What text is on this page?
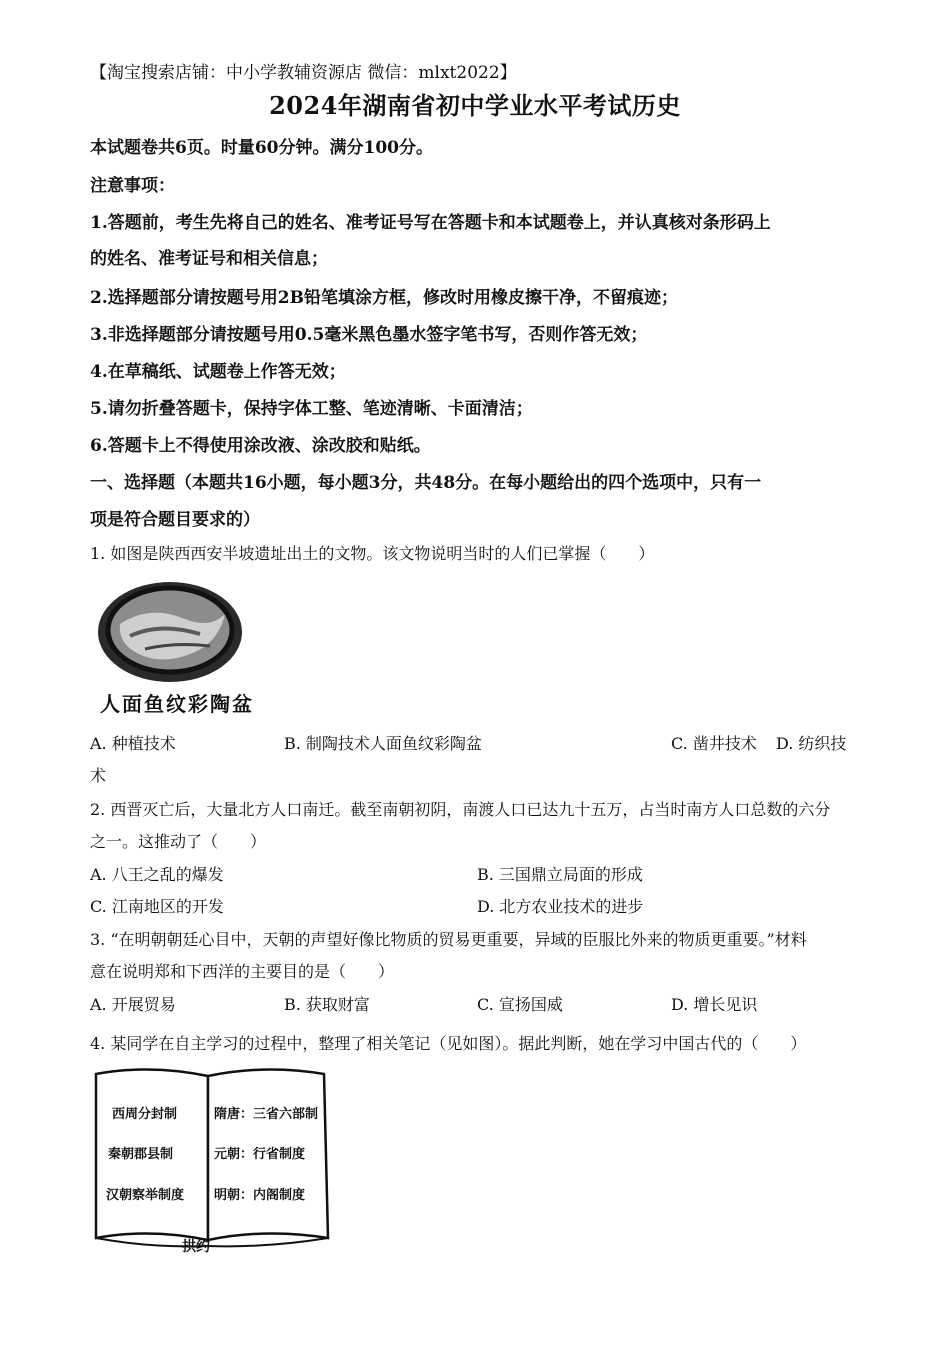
【淘宝搜索店铺：中小学教辅资源店 微信：mlxt2022】
2024年湖南省初中学业水平考试历史
本试题卷共6页。时量60分钟。满分100分。
注意事项：
1.答题前，考生先将自己的姓名、准考证号写在答题卡和本试题卷上，并认真核对条形码上
的姓名、准考证号和相关信息；
2.选择题部分请按题号用2B铅笔填涂方框，修改时用橡皮擦干净，不留痕迹；
3.非选择题部分请按题号用0.5毫米黑色墨水签字笔书写，否则作答无效；
4.在草稿纸、试题卷上作答无效；
5.请勿折叠答题卡，保持字体工整、笔迹清晰、卡面清洁；
6.答题卡上不得使用涂改液、涂改胶和贴纸。
一、选择题（本题共16小题，每小题3分，共48分。在每小题给出的四个选项中，只有一
项是符合题目要求的）
1. 如图是陕西西安半坡遗址出土的文物。该文物说明当时的人们已掌握（　　）
人面鱼纹彩陶盆
A. 种植技术	B. 制陶技术人面鱼纹彩陶盆	C. 凿井技术 D. 纺织技
术
2. 西晋灭亡后，大量北方人口南迁。截至南朝初阴，南渡人口已达九十五万，占当时南方人口总数的六分
之一。这推动了（　　）
A. 八王之乱的爆发	B. 三国鼎立局面的形成
C. 江南地区的开发	D. 北方农业技术的进步
3. “在明朝朝廷心目中，天朝的声望好像比物质的贸易更重要，异域的臣服比外来的物质更重要。”材料
意在说明郑和下西洋的主要目的是（　　）
A. 开展贸易	B. 获取财富	C. 宣扬国威	D. 增长见识
4. 某同学在自主学习的过程中，整理了相关笔记（见如图）。据此判断，她在学习中国古代的（　　）
西周分封制
秦朝郡县制
汉朝察举制度
隋唐：三省六部制
元朝：行省制度
明朝：内阁制度
拱约
